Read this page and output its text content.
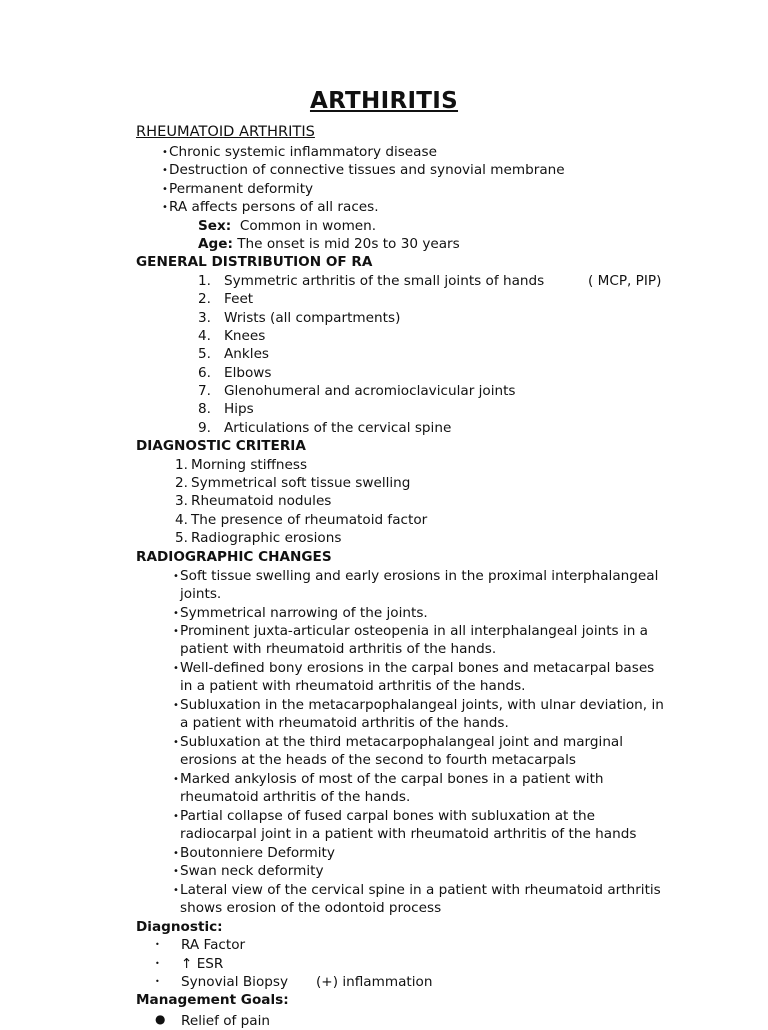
ARTHIRITIS
RHEUMATOID ARTHRITIS
•Chronic systemic inflammatory disease
•Destruction of connective tissues and synovial membrane
•Permanent deformity
•RA affects persons of all races.
Sex: Common in women.
Age: The onset is mid 20s to 30 years
GENERAL DISTRIBUTION OF RA
1. Symmetric arthritis of the small joints of hands	( MCP, PIP)
2. Feet
3. Wrists (all compartments)
4. Knees
5. Ankles
6. Elbows
7. Glenohumeral and acromioclavicular joints
8. Hips
9. Articulations of the cervical spine
DIAGNOSTIC CRITERIA
1. Morning stiffness
2. Symmetrical soft tissue swelling
3. Rheumatoid nodules
4. The presence of rheumatoid factor
5. Radiographic erosions
RADIOGRAPHIC CHANGES
•Soft tissue swelling and early erosions in the proximal interphalangeal
joints.
•Symmetrical narrowing of the joints.
•Prominent juxta-articular osteopenia in all interphalangeal joints in a
patient with rheumatoid arthritis of the hands.
•Well-defined bony erosions in the carpal bones and metacarpal bases
in a patient with rheumatoid arthritis of the hands.
•Subluxation in the metacarpophalangeal joints, with ulnar deviation, in
a patient with rheumatoid arthritis of the hands.
•Subluxation at the third metacarpophalangeal joint and marginal
erosions at the heads of the second to fourth metacarpals
•Marked ankylosis of most of the carpal bones in a patient with
rheumatoid arthritis of the hands.
•Partial collapse of fused carpal bones with subluxation at the
radiocarpal joint in a patient with rheumatoid arthritis of the hands
•Boutonniere Deformity
•Swan neck deformity
•Lateral view of the cervical spine in a patient with rheumatoid arthritis
shows erosion of the odontoid process
Diagnostic:
• RA Factor
• ↑ ESR
• Synovial Biopsy (+) inflammation
Management Goals:
● Relief of pain
